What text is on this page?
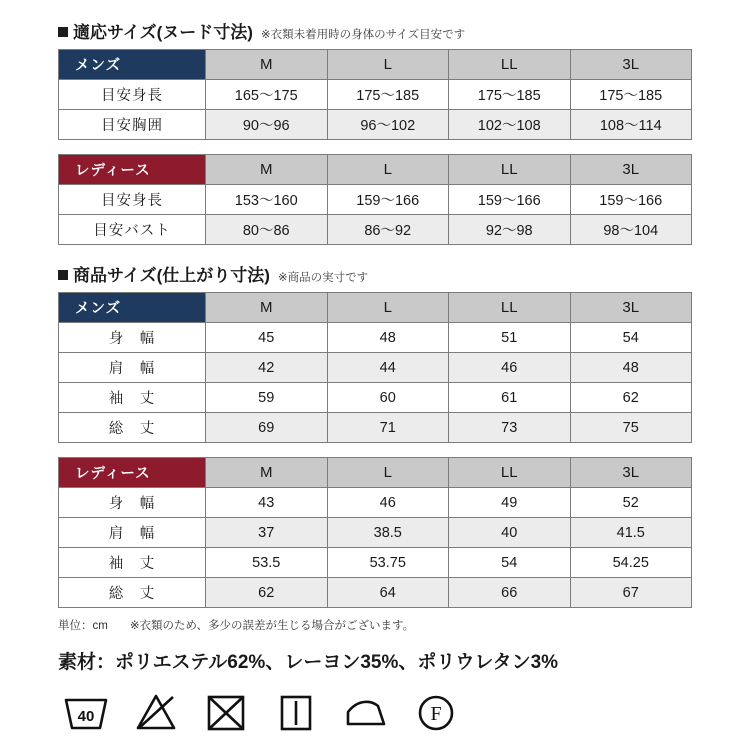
適応サイズ(ヌード寸法) ※衣類未着用時の身体のサイズ目安です
メンズ	M	L	LL	3L
目安身長	165〜175	175〜185	175〜185	175〜185
目安胸囲	90〜96	96〜102	102〜108	108〜114
レディース	M	L	LL	3L
目安身長	153〜160	159〜166	159〜166	159〜166
目安バスト	80〜86	86〜92	92〜98	98〜104
商品サイズ(仕上がり寸法) ※商品の実寸です
メンズ	M	L	LL	3L
身　幅	45	48	51	54
肩　幅	42	44	46	48
袖　丈	59	60	61	62
総　丈	69	71	73	75
レディース	M	L	LL	3L
身　幅	43	46	49	52
肩　幅	37	38.5	40	41.5
袖　丈	53.5	53.75	54	54.25
総　丈	62	64	66	67
単位：cm ※衣類のため、多少の誤差が生じる場合がございます。
素材：ポリエステル62%、レーヨン35%、ポリウレタン3%
40	F
